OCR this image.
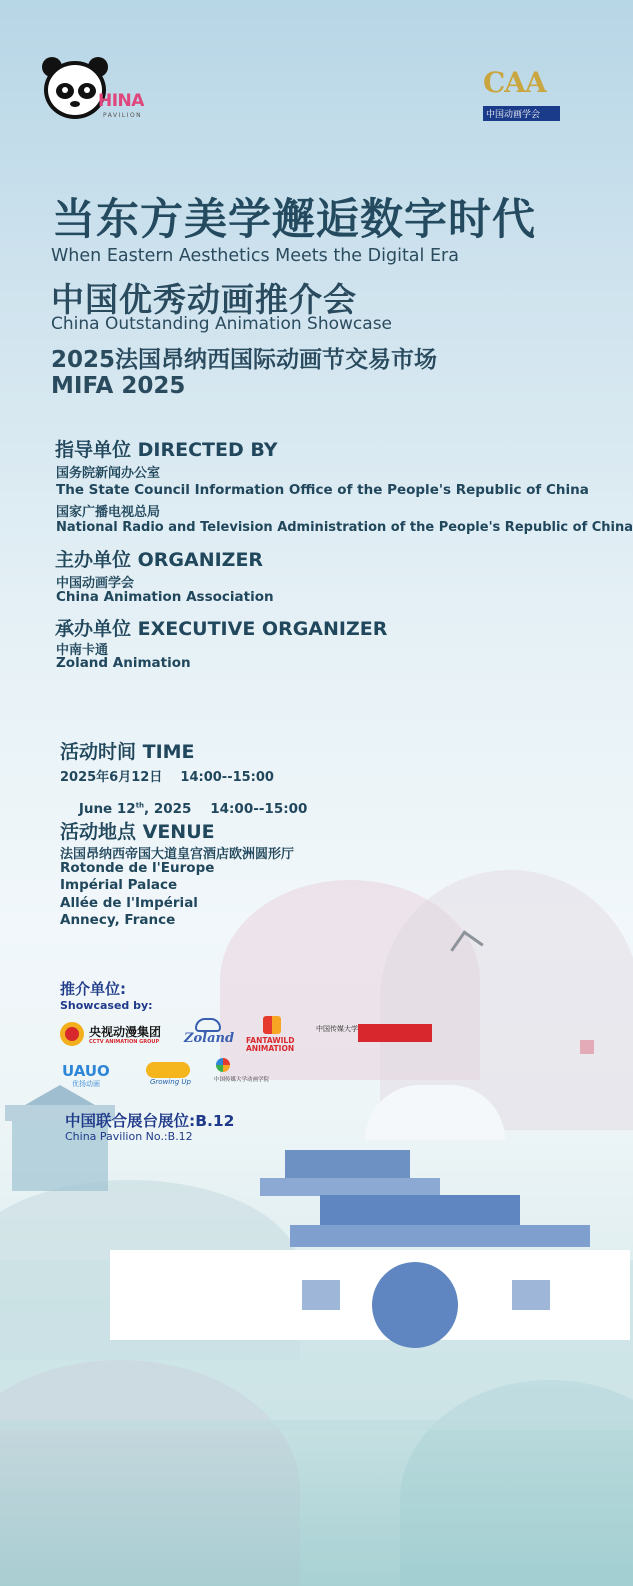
HINA
PAVILION
CAA
中国动画学会
当东方美学邂逅数字时代
When Eastern Aesthetics Meets the Digital Era
中国优秀动画推介会
China Outstanding Animation Showcase
2025法国昂纳西国际动画节交易市场
MIFA 2025
指导单位 DIRECTED BY
国务院新闻办公室
The State Council Information Office of the People's Republic of China
国家广播电视总局
National Radio and Television Administration of the People's Republic of China
主办单位 ORGANIZER
中国动画学会
China Animation Association
承办单位 EXECUTIVE ORGANIZER
中南卡通
Zoland Animation
活动时间 TIME
2025年6月12日    14:00--15:00

June 12th, 2025    14:00--15:00

活动地点 VENUE
法国昂纳西帝国大道皇宫酒店欧洲圆形厅
Rotonde de l'Europe
Impérial Palace
Allée de l'Impérial
Annecy, France
推介单位:
Showcased by:
央视动漫集团
CCTV ANIMATION GROUP Zoland FANTAWILD
ANIMATION
中国传媒大学
UAUO
优扬动画	Growing Up	中国传媒大学动画学院
中国联合展台展位:B.12
China Pavilion No.:B.12
